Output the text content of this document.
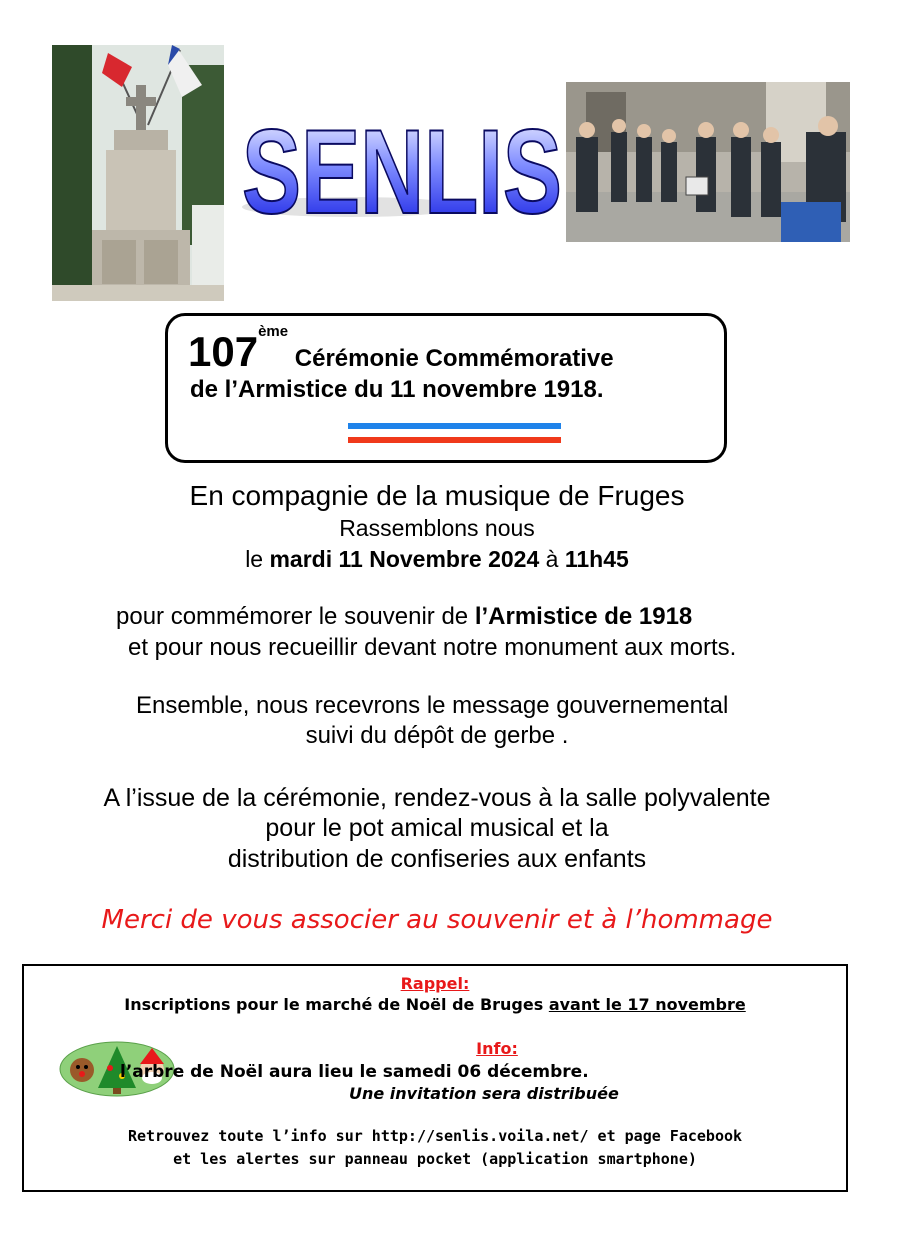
SENLIS
107ème Cérémonie Commémorative
de l’Armistice du 11 novembre 1918.
En compagnie de la musique de Fruges
Rassemblons nous
le mardi 11 Novembre 2024 à 11h45
pour commémorer le souvenir de l’Armistice de 1918
et pour nous recueillir devant notre monument aux morts.
Ensemble, nous recevrons le message gouvernemental
suivi du dépôt de gerbe .
A l’issue de la cérémonie, rendez-vous à la salle polyvalente
pour le pot amical musical et la
distribution de confiseries aux enfants
Merci de vous associer au souvenir et à l’hommage
Rappel:
Inscriptions pour le marché de Noël de Bruges avant le 17 novembre
Info:
l’arbre de Noël aura lieu le samedi 06 décembre.
Une invitation sera distribuée
Retrouvez toute l’info sur http://senlis.voila.net/ et page Facebook
et les alertes sur panneau pocket (application smartphone)
